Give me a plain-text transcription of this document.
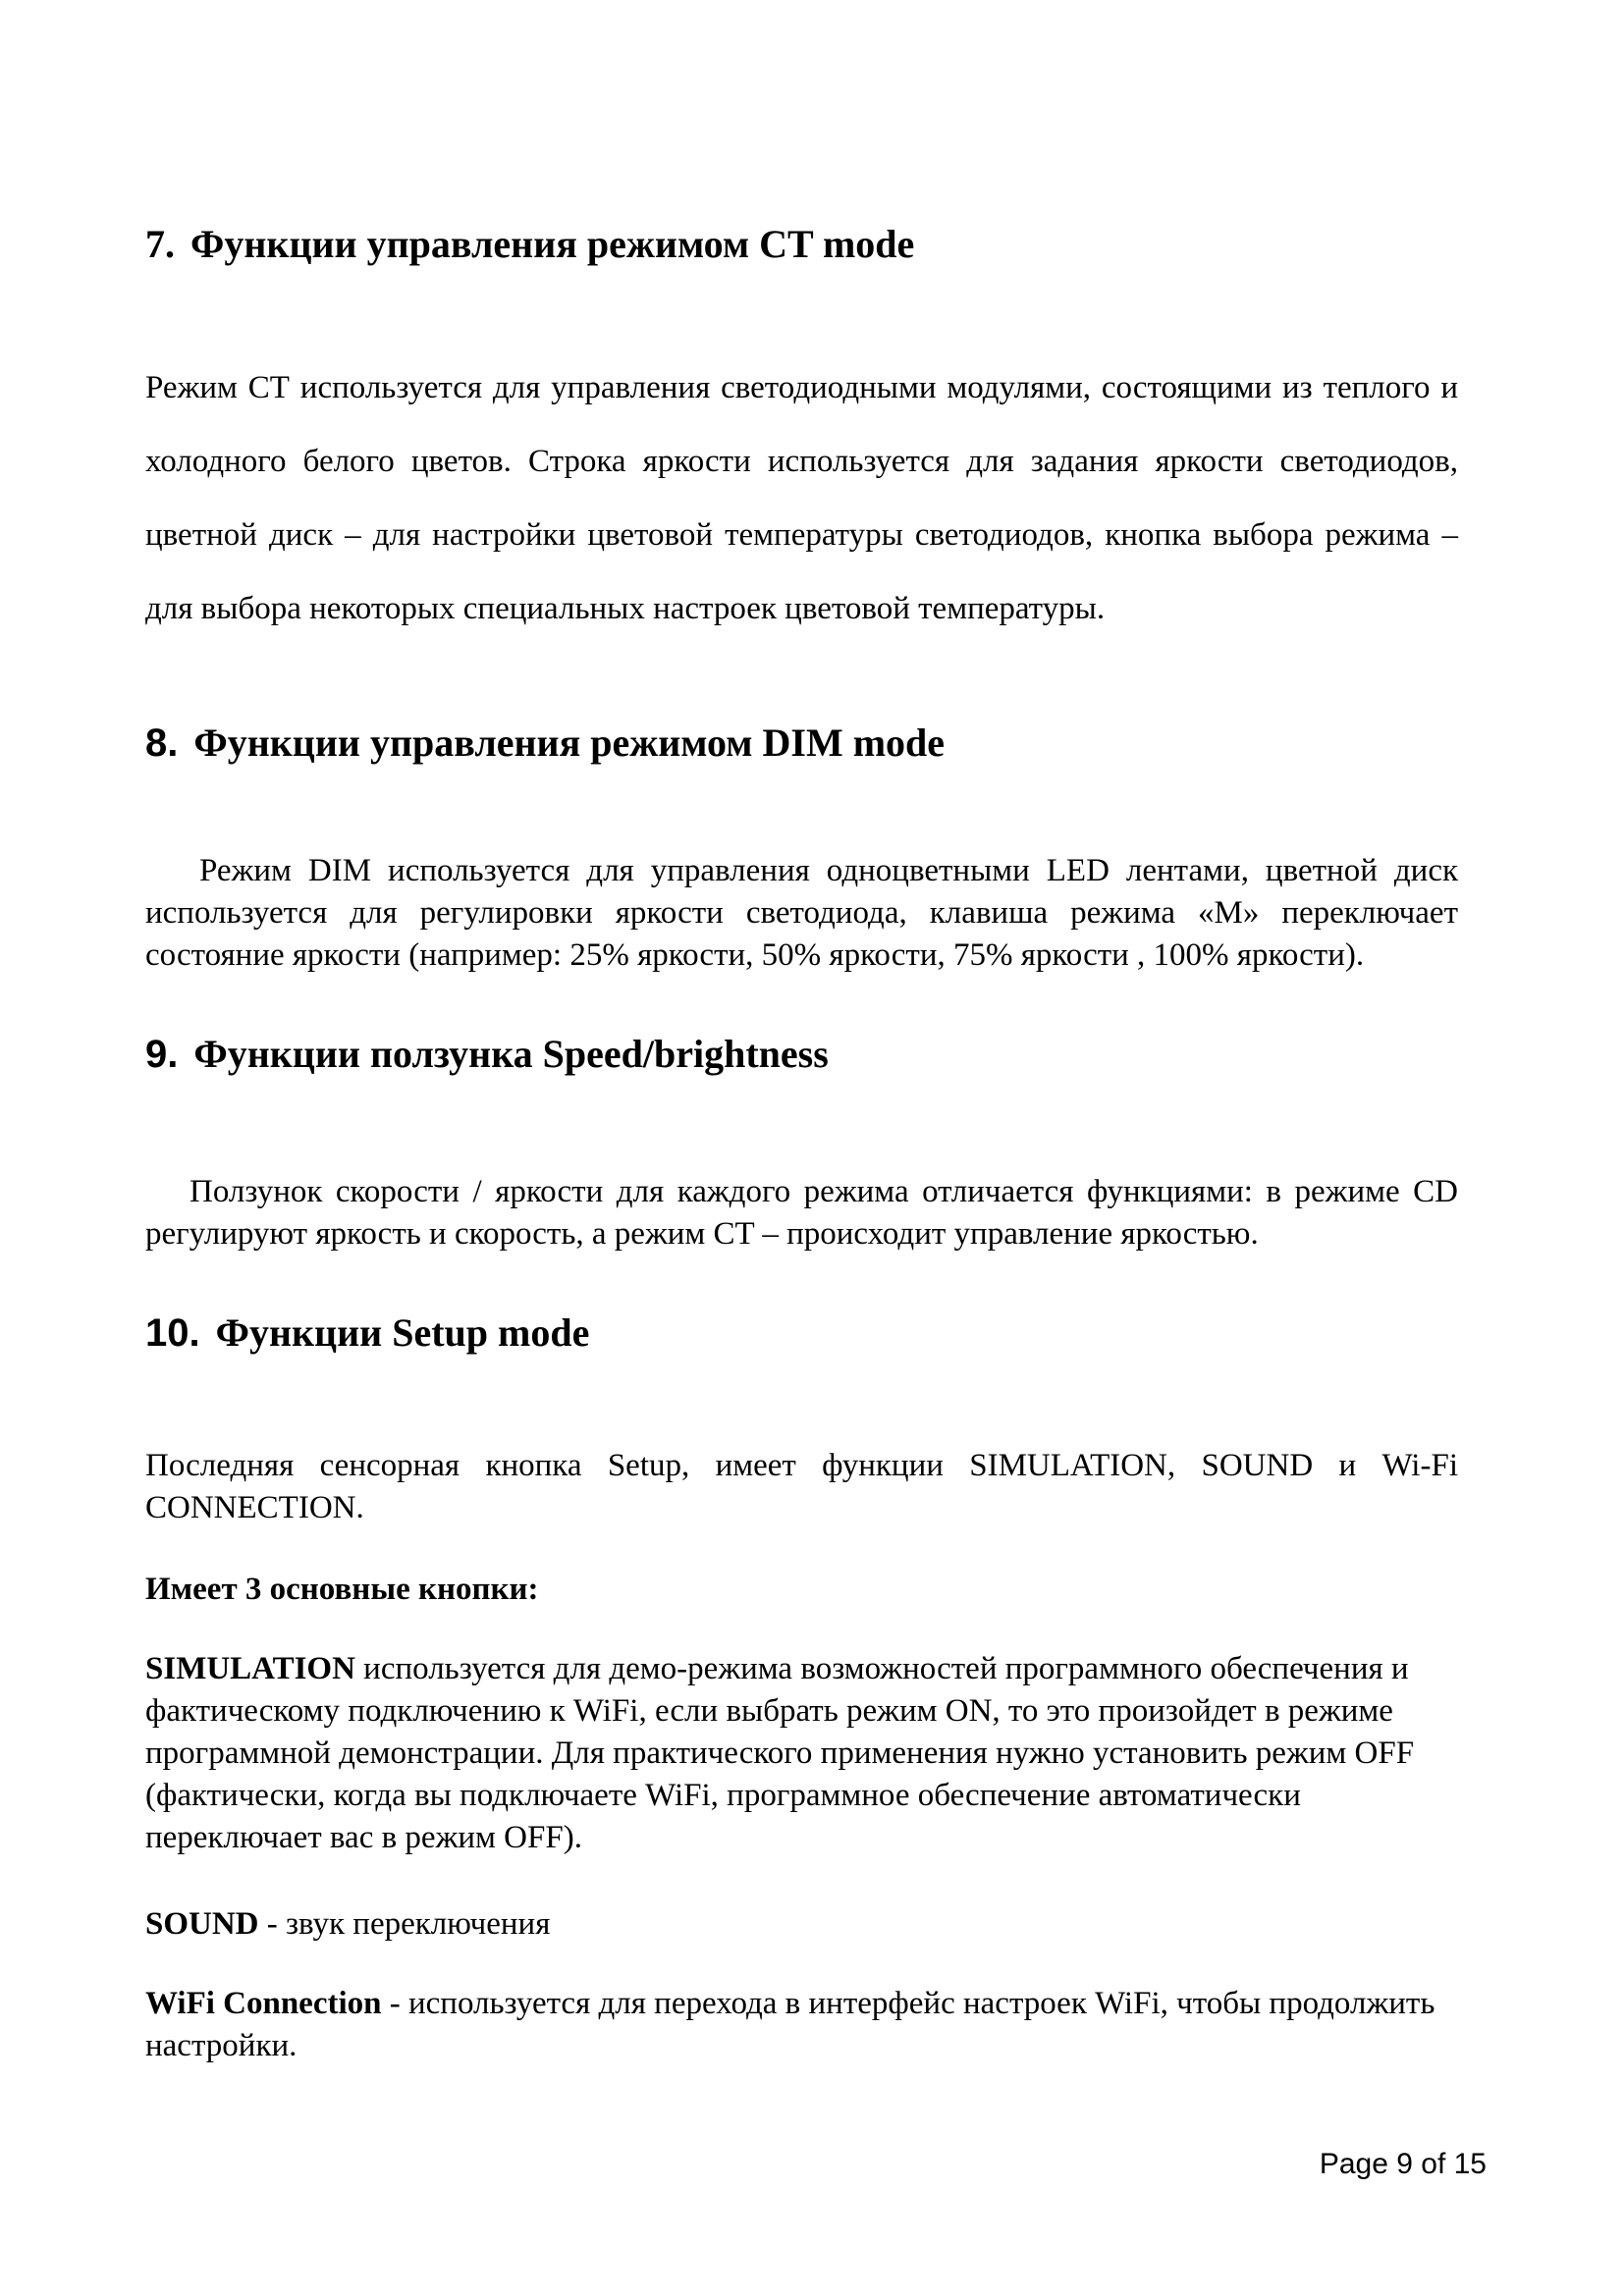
7. Функции управления режимом CT mode

Режим СТ используется для управления светодиодными модулями, состоящими из теплого и холодного белого цветов. Строка яркости используется для задания яркости светодиодов, цветной диск – для настройки цветовой температуры светодиодов, кнопка выбора режима – для выбора некоторых специальных настроек цветовой температуры.

8. Функции управления режимом DIM mode

Режим DIM используется для управления одноцветными LED лентами, цветной диск используется для регулировки яркости светодиода, клавиша режима «М» переключает состояние яркости (например: 25% яркости, 50% яркости, 75% яркости , 100% яркости).

9. Функции ползунка Speed/brightness

Ползунок скорости / яркости для каждого режима отличается функциями: в режиме CD регулируют яркость и скорость, а режим CT – происходит управление яркостью.

10. Функции Setup mode

Последняя сенсорная кнопка Setup, имеет функции SIMULATION, SOUND и Wi-Fi CONNECTION.

Имеет 3 основные кнопки:

SIMULATION используется для демо-режима возможностей программного обеспечения и фактическому подключению к WiFi, если выбрать режим ON, то это произойдет в режиме программной демонстрации. Для практического применения нужно установить режим OFF (фактически, когда вы подключаете WiFi, программное обеспечение автоматически переключает вас в режим OFF).

SOUND - звук переключения

WiFi Connection - используется для перехода в интерфейс настроек WiFi, чтобы продолжить настройки.

Page 9 of 15
